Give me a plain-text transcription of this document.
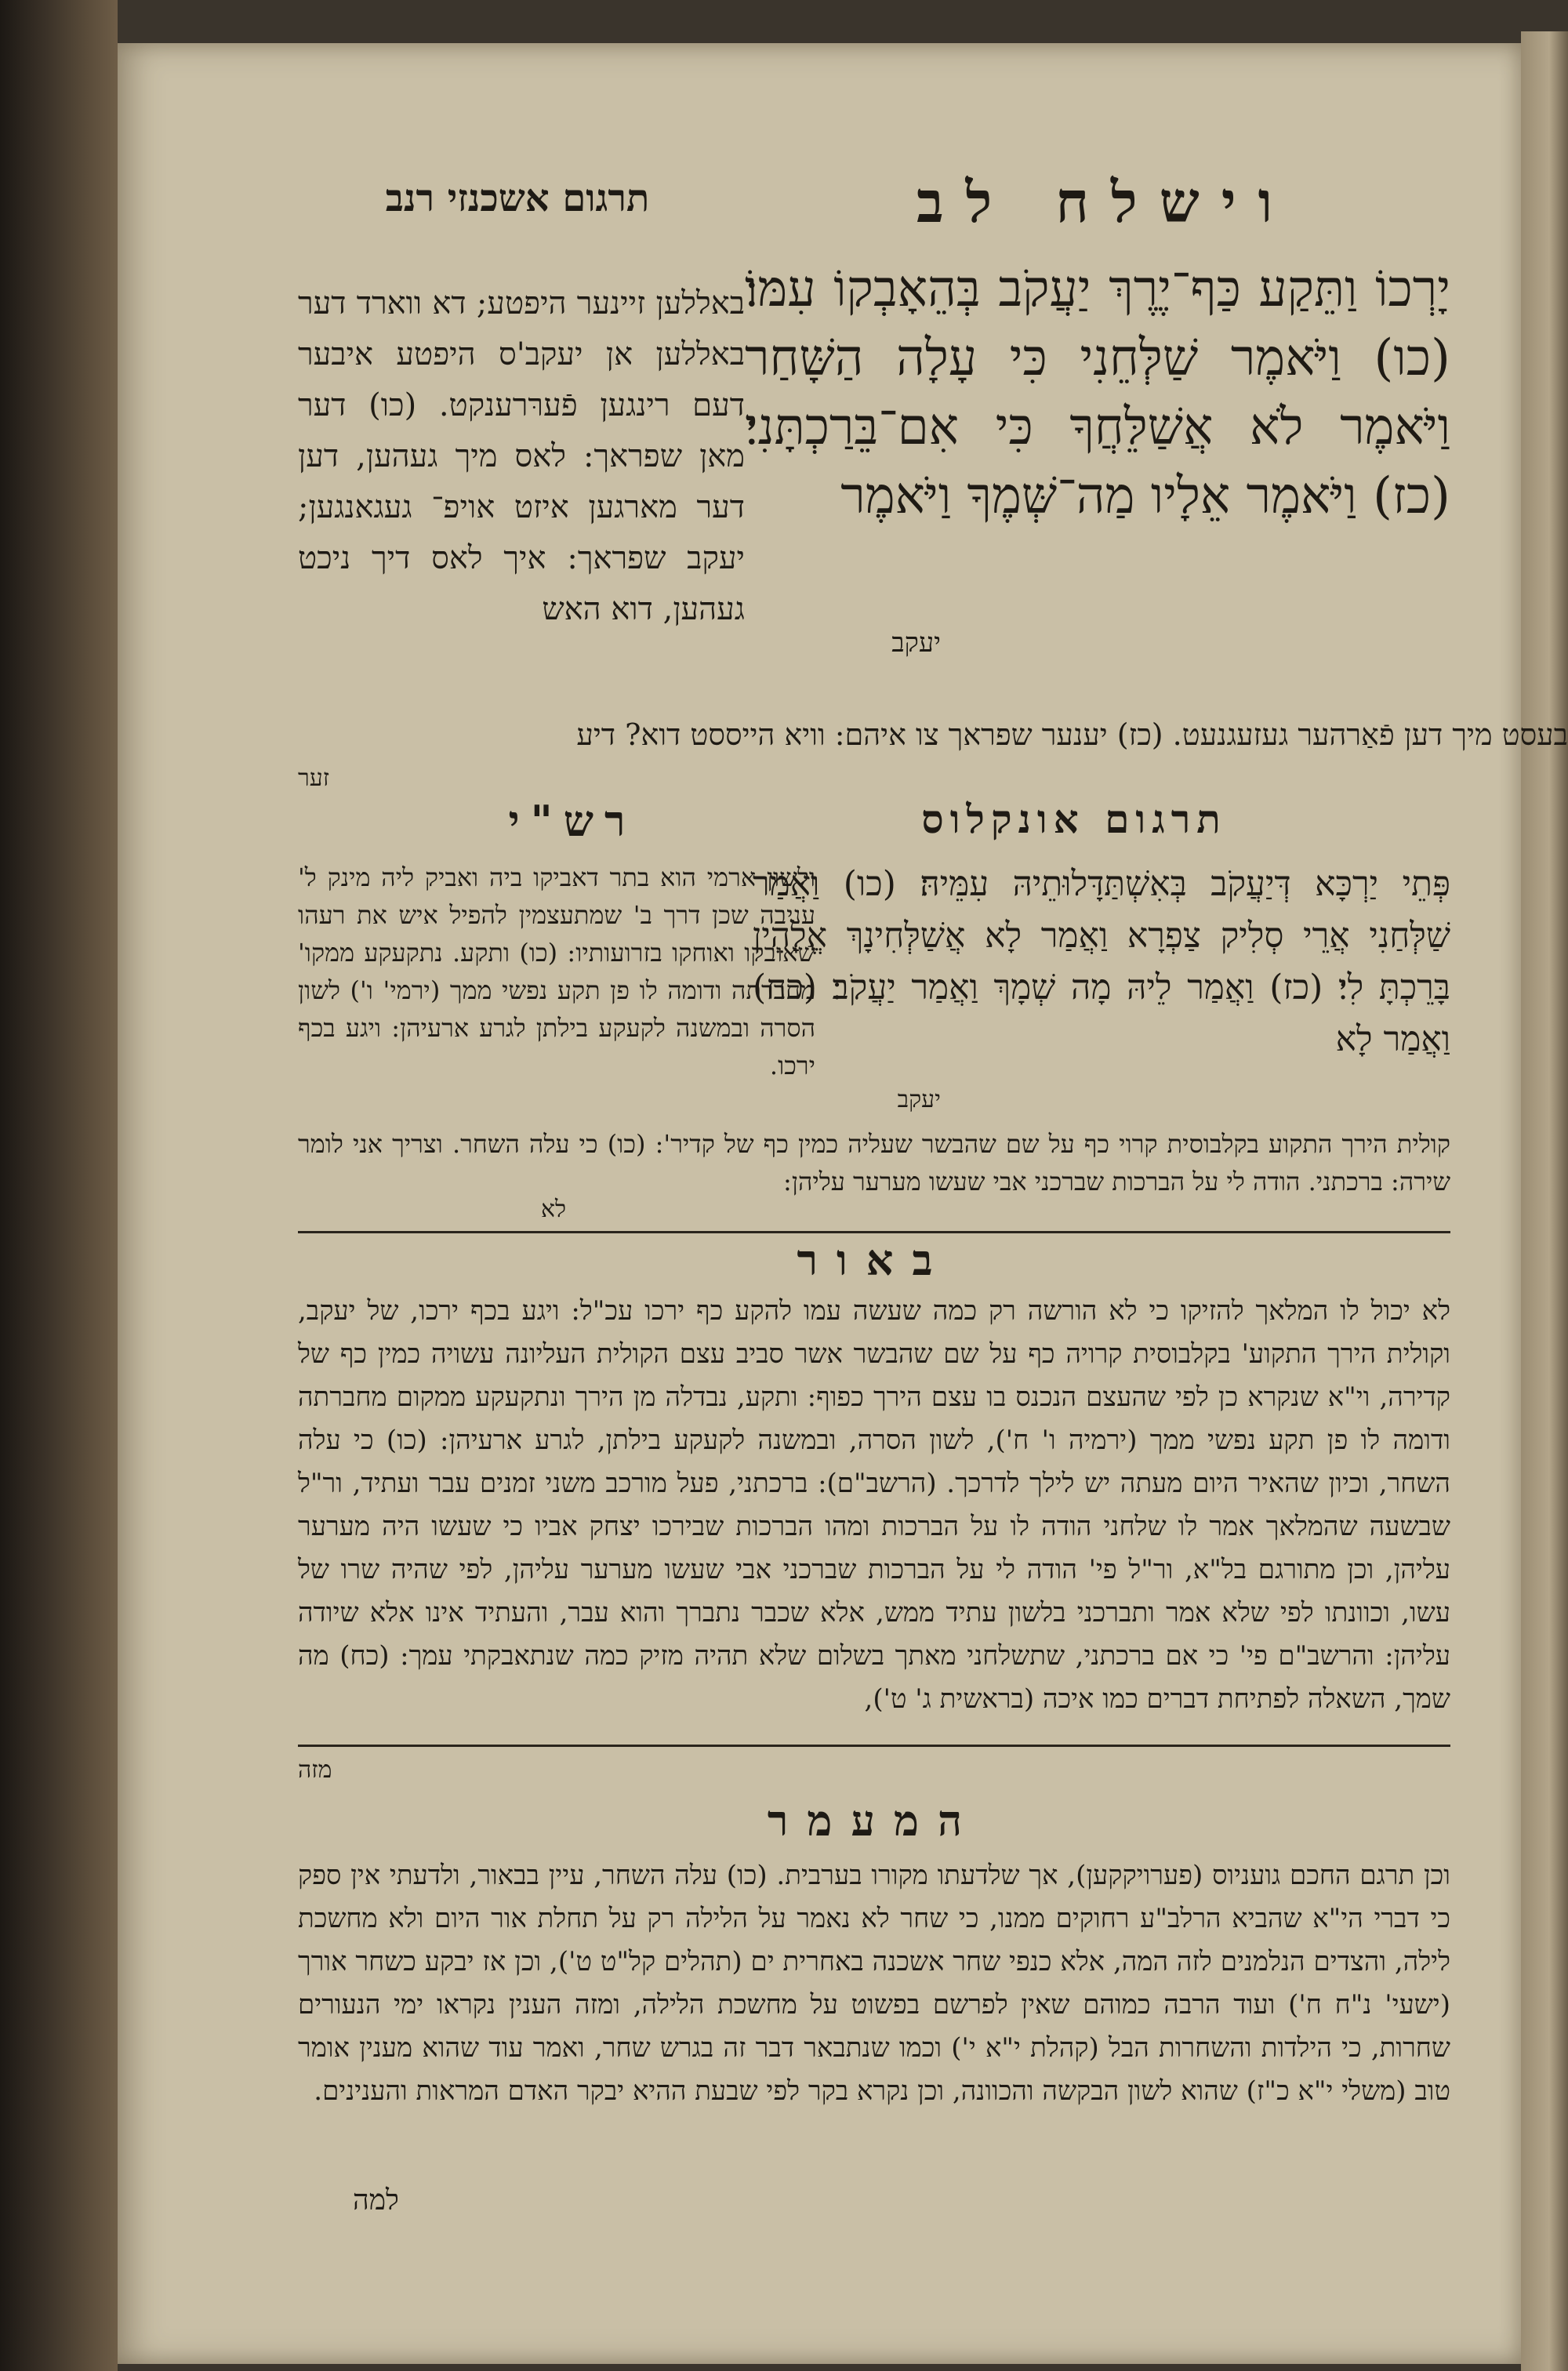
וישלח לב
תרגום אשכנזי רנב
יָרְכוֹ וַתֵּקַע כַּף־יֶרֶךְ יַעֲקֹב בְּהֵאָבְקוֹ עִמּוֹ׃ (כו) וַיֹּאמֶר שַׁלְּחֵנִי כִּי עָלָה הַשָּׁחַר וַיֹּאמֶר לֹא אֲשַׁלֵּחֲךָ כִּי אִם־בֵּרַכְתָּנִי׃ (כז) וַיֹּאמֶר אֵלָיו מַה־שְּׁמֶךָ וַיֹּאמֶר
יעקב
באללען זיינער היפטע; דא ווארד דער באללען אן יעקב'ס היפטע איבער דעם רינגען פֿערּרענקט. (כו) דער מאן שפראך: לאס מיך געהען, דען דער מארגען איזט אויפ־ געגאנגען; יעקב שפראך: איך לאס דיך ניכט געהען, דוא האש
בעסט מיך דען פֿאַרהער געזעגנעט. (כז) יענער שפראך צו איהם: וויא הייססט דוא? דיע
זער
תרגום אונקלוס
רש"י
פְּתֵי יַרְכָּא דְּיַעֲקֹב בְּאִשְׁתַּדָּלוּתֵיהּ עִמֵּיהּ׃ (כו) וַאֲמַר שַׁלְּחַנִי אֲרֵי סְלִיק צַפְרָא וַאֲמַר לָא אֲשַׁלְּחִינָךְ אֱלָהֵין בָּרֵכְתָּ לִי׃ (כז) וַאֲמַר לֵיהּ מָה שְׁמָךְ וַאֲמַר יַעֲקֹב׃ (כח) וַאֲמַר לָא
יעקב
ולשון ארמי הוא בתר דאביקו ביה ואביק ליה מינק ל' עניבה שכן דרך ב' שמתעצמין להפיל איש את רעהו שאובקו ואוחקו בזרועותיו: (כו) ותקע. נתקעקע ממקו' מחברתה ודומה לו פן תקע נפשי ממך (ירמי' ו') לשון הסרה ובמשנה לקעקע בילתן לגרע ארעיהן: ויגע בכף ירכו.
קולית הירך התקוע בקלבוסית קרוי כף על שם שהבשר שעליה כמין כף של קדיר': (כו) כי עלה השחר. וצריך אני לומר שירה: ברכתני. הודה לי על הברכות שברכני אבי שעשו מערער עליהן:
לא
באור
לא יכול לו המלאך להזיקו כי לא הורשה רק כמה שעשה עמו להקע כף ירכו עכ"ל: ויגע בכף ירכו, של יעקב, וקולית הירך התקוע' בקלבוסית קרויה כף על שם שהבשר אשר סביב עצם הקולית העליונה עשויה כמין כף של קדירה, וי"א שנקרא כן לפי שהעצם הנכנס בו עצם הירך כפוף: ותקע, נבדלה מן הירך ונתקעקע ממקום מחברתה ודומה לו פן תקע נפשי ממך (ירמיה ו' ח'), לשון הסרה, ובמשנה לקעקע בילתן, לגרע ארעיהן: (כו) כי עלה השחר, וכיון שהאיר היום מעתה יש לילך לדרכך. (הרשב"ם): ברכתני, פעל מורכב משני זמנים עבר ועתיד, ור"ל שבשעה שהמלאך אמר לו שלחני הודה לו על הברכות ומהו הברכות שבירכו יצחק אביו כי שעשו היה מערער עליהן, וכן מתורגם בל"א, ור"ל פי' הודה לי על הברכות שברכני אבי שעשו מערער עליהן, לפי שהיה שרו של עשו, וכוונתו לפי שלא אמר ותברכני בלשון עתיד ממש, אלא שכבר נתברך והוא עבר, והעתיד אינו אלא שיודה עליהן: והרשב"ם פי' כי אם ברכתני, שתשלחני מאתך בשלום שלא תהיה מזיק כמה שנתאבקתי עמך: (כח) מה שמך, השאלה לפתיחת דברים כמו איכה (בראשית ג' ט'),
מזה
המעמר
וכן תרגם החכם גועניוס (פערויקקען), אך שלדעתו מקורו בערבית. (כו) עלה השחר, עיין בבאור, ולדעתי אין ספק כי דברי הי"א שהביא הרלב"ע רחוקים ממנו, כי שחר לא נאמר על הלילה רק על תחלת אור היום ולא מחשכת לילה, והצדים הנלמנים לזה המה, אלא כנפי שחר אשכנה באחרית ים (תהלים קל"ט ט'), וכן אז יבקע כשחר אורך (ישעי' נ"ח ח') ועוד הרבה כמוהם שאין לפרשם בפשוט על מחשכת הלילה, ומזה הענין נקראו ימי הנעורים שחרות, כי הילדות והשחרות הבל (קהלת י"א י') וכמו שנתבאר דבר זה בגרש שחר, ואמר עוד שהוא מענין אומר טוב (משלי י"א כ"ז) שהוא לשון הבקשה והכוונה, וכן נקרא בקר לפי שבעת ההיא יבקר האדם המראות והענינים.
למה
